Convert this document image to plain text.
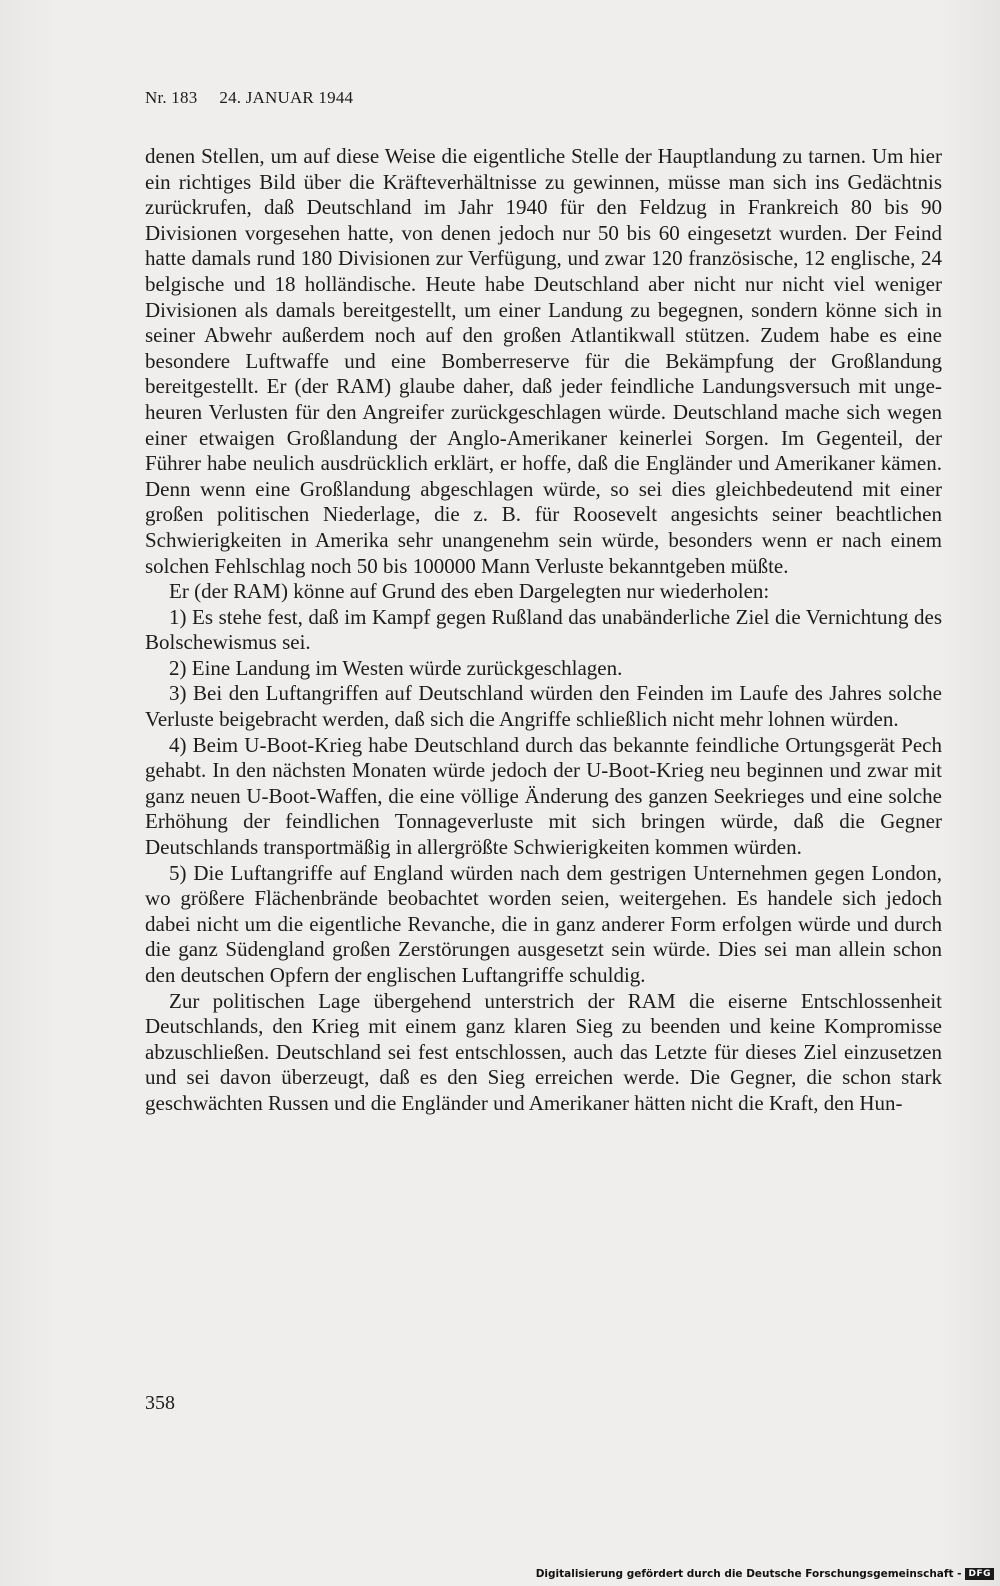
Nr. 183 24. JANUAR 1944

denen Stellen, um auf diese Weise die eigentliche Stelle der Hauptlandung zu tarnen. Um hier ein richtiges Bild über die Kräfteverhältnisse zu gewinnen, müsse man sich ins Gedächtnis zurückrufen, daß Deutschland im Jahr 1940 für den Feldzug in Frankreich 80 bis 90 Divisionen vorgesehen hatte, von denen jedoch nur 50 bis 60 eingesetzt wurden. Der Feind hatte damals rund 180 Divisionen zur Verfügung, und zwar 120 französische, 12 englische, 24 belgische und 18 holländische. Heute habe Deutschland aber nicht nur nicht viel weniger Divisionen als damals bereitgestellt, um einer Landung zu begegnen, sondern könne sich in seiner Abwehr außerdem noch auf den großen Atlantikwall stützen. Zudem habe es eine besondere Luftwaffe und eine Bomberreserve für die Bekämpfung der Großlandung bereitgestellt. Er (der RAM) glaube daher, daß jeder feindliche Landungsversuch mit ungeheuren Verlusten für den Angreifer zurückgeschlagen würde. Deutschland mache sich wegen einer etwaigen Großlandung der Anglo-Amerikaner keinerlei Sorgen. Im Gegenteil, der Führer habe neulich ausdrücklich erklärt, er hoffe, daß die Engländer und Amerikaner kämen. Denn wenn eine Großlandung abgeschlagen würde, so sei dies gleichbedeutend mit einer großen politischen Niederlage, die z. B. für Roosevelt angesichts seiner beachtlichen Schwierigkeiten in Amerika sehr unangenehm sein würde, besonders wenn er nach einem solchen Fehlschlag noch 50 bis 100000 Mann Verluste bekanntgeben müßte.

Er (der RAM) könne auf Grund des eben Dargelegten nur wiederholen:

1) Es stehe fest, daß im Kampf gegen Rußland das unabänderliche Ziel die Vernichtung des Bolschewismus sei.

2) Eine Landung im Westen würde zurückgeschlagen.

3) Bei den Luftangriffen auf Deutschland würden den Feinden im Laufe des Jahres solche Verluste beigebracht werden, daß sich die Angriffe schließlich nicht mehr lohnen würden.

4) Beim U-Boot-Krieg habe Deutschland durch das bekannte feindliche Ortungsgerät Pech gehabt. In den nächsten Monaten würde jedoch der U-Boot-Krieg neu beginnen und zwar mit ganz neuen U-Boot-Waffen, die eine völlige Änderung des ganzen Seekrieges und eine solche Erhöhung der feindlichen Tonnageverluste mit sich bringen würde, daß die Gegner Deutschlands transportmäßig in allergrößte Schwierigkeiten kommen würden.

5) Die Luftangriffe auf England würden nach dem gestrigen Unternehmen gegen London, wo größere Flächenbrände beobachtet worden seien, weitergehen. Es handele sich jedoch dabei nicht um die eigentliche Revanche, die in ganz anderer Form erfolgen würde und durch die ganz Südengland großen Zerstörungen ausgesetzt sein würde. Dies sei man allein schon den deutschen Opfern der englischen Luftangriffe schuldig.

Zur politischen Lage übergehend unterstrich der RAM die eiserne Entschlossenheit Deutschlands, den Krieg mit einem ganz klaren Sieg zu beenden und keine Kompromisse abzuschließen. Deutschland sei fest entschlossen, auch das Letzte für dieses Ziel einzusetzen und sei davon überzeugt, daß es den Sieg erreichen werde. Die Gegner, die schon stark geschwächten Russen und die Engländer und Amerikaner hätten nicht die Kraft, den Hun-

358
Digitalisierung gefördert durch die Deutsche Forschungsgemeinschaft - DFG
